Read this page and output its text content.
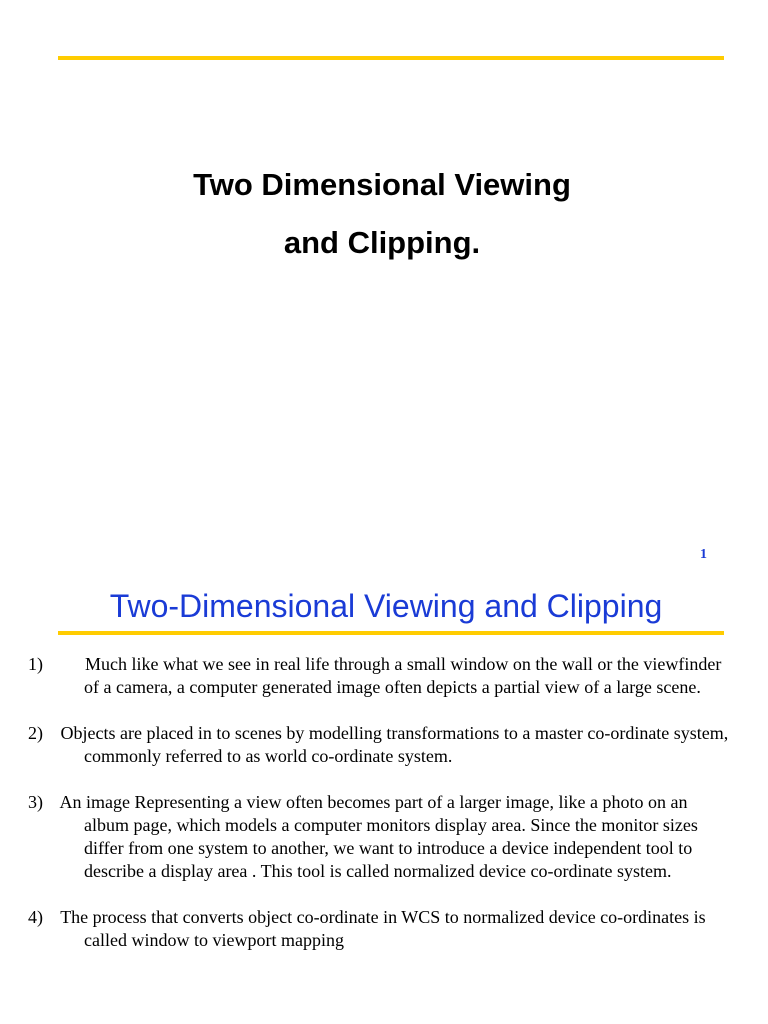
Two Dimensional Viewing
and Clipping.
1
Two-Dimensional Viewing and Clipping

1) Much like what we see in real life through a small window on the wall or the viewfinder of a camera, a computer generated image often depicts a partial view of a large scene.

2) Objects are placed in to scenes by modelling transformations to a master co-ordinate system, commonly referred to as world co-ordinate system.

3) An image Representing a view often becomes part of a larger image, like a photo on an album page, which models a computer monitors display area. Since the monitor sizes differ from one system to another, we want to introduce a device independent tool to describe a display area . This tool is called normalized device co-ordinate system.

4) The process that converts object co-ordinate in WCS to normalized device co-ordinates is called window to viewport mapping
